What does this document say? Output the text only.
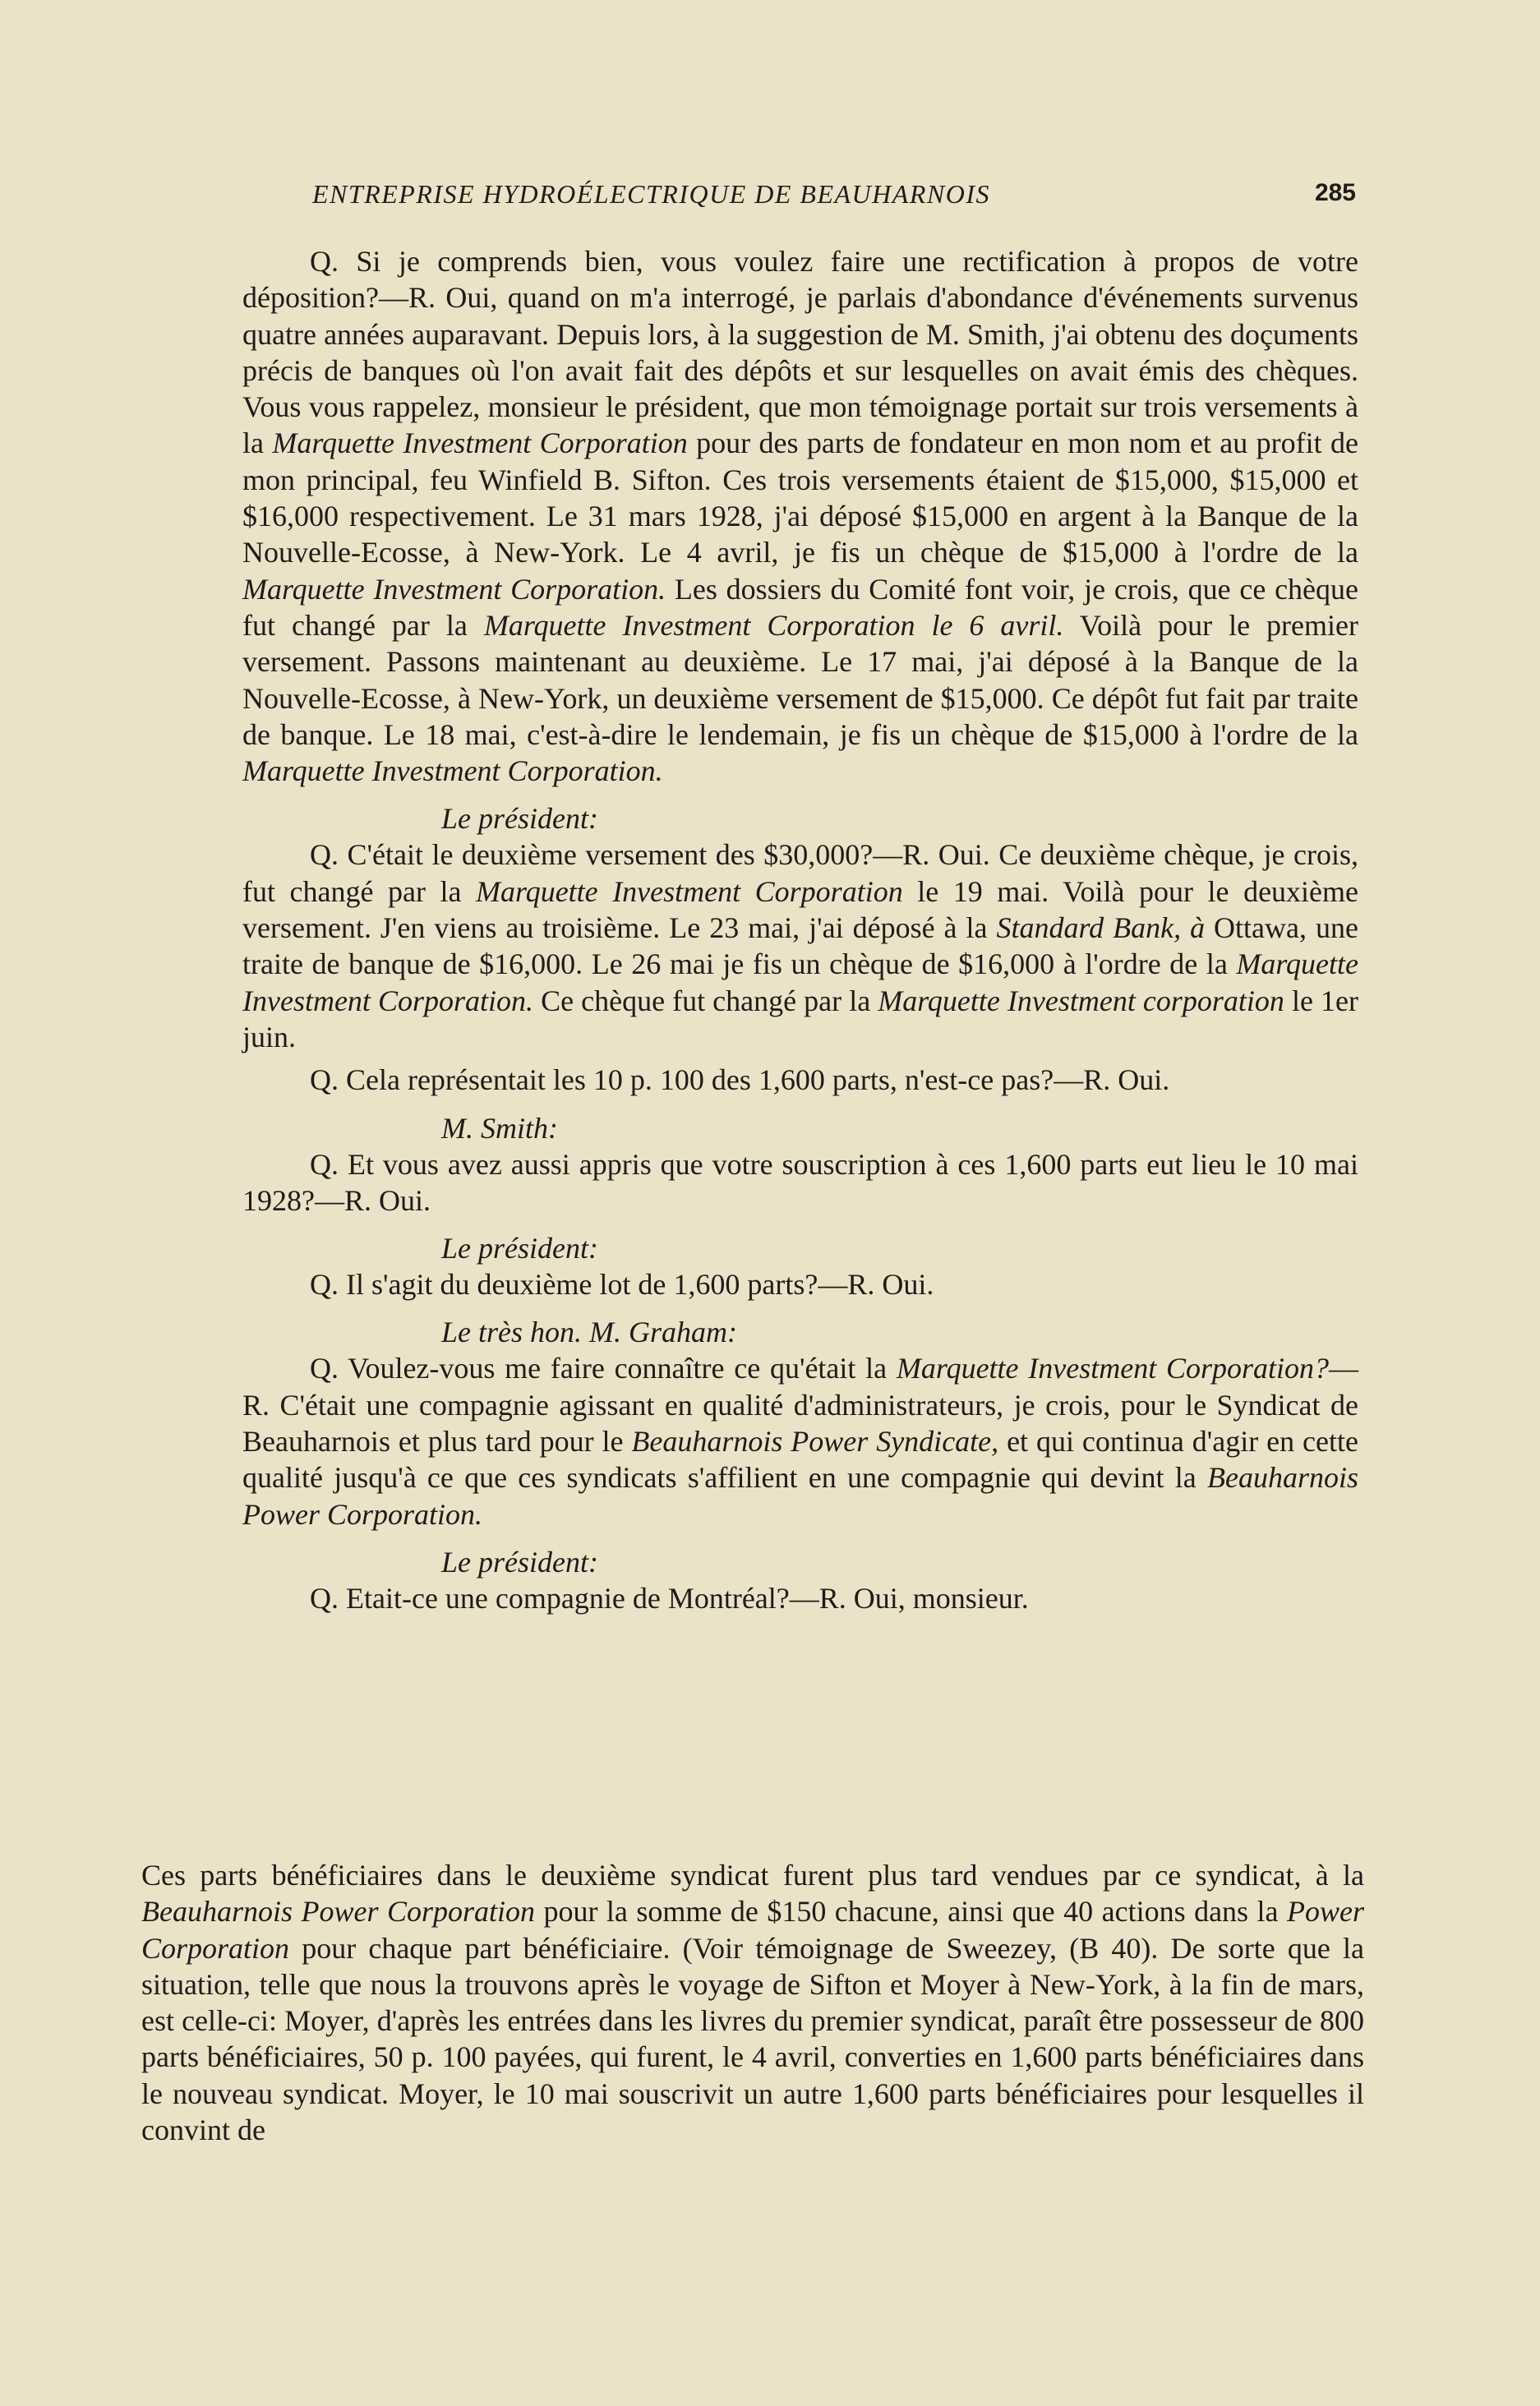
ENTREPRISE HYDROÉLECTRIQUE DE BEAUHARNOIS	285

Q. Si je comprends bien, vous voulez faire une rectification à propos de votre déposition?—R. Oui, quand on m'a interrogé, je parlais d'abondance d'événements survenus quatre années auparavant. Depuis lors, à la suggestion de M. Smith, j'ai obtenu des doçuments précis de banques où l'on avait fait des dépôts et sur lesquelles on avait émis des chèques. Vous vous rappelez, monsieur le président, que mon témoignage portait sur trois versements à la Marquette Investment Corporation pour des parts de fondateur en mon nom et au profit de mon principal, feu Winfield B. Sifton. Ces trois versements étaient de $15,000, $15,000 et $16,000 respectivement. Le 31 mars 1928, j'ai déposé $15,000 en argent à la Banque de la Nouvelle-Ecosse, à New-York. Le 4 avril, je fis un chèque de $15,000 à l'ordre de la Marquette Investment Corporation. Les dossiers du Comité font voir, je crois, que ce chèque fut changé par la Marquette Investment Corporation le 6 avril. Voilà pour le premier versement. Passons maintenant au deuxième. Le 17 mai, j'ai déposé à la Banque de la Nouvelle-Ecosse, à New-York, un deuxième versement de $15,000. Ce dépôt fut fait par traite de banque. Le 18 mai, c'est-à-dire le lendemain, je fis un chèque de $15,000 à l'ordre de la Marquette Investment Corporation.

Le président:

Q. C'était le deuxième versement des $30,000?—R. Oui. Ce deuxième chèque, je crois, fut changé par la Marquette Investment Corporation le 19 mai. Voilà pour le deuxième versement. J'en viens au troisième. Le 23 mai, j'ai déposé à la Standard Bank, à Ottawa, une traite de banque de $16,000. Le 26 mai je fis un chèque de $16,000 à l'ordre de la Marquette Investment Corporation. Ce chèque fut changé par la Marquette Investment corporation le 1er juin.

Q. Cela représentait les 10 p. 100 des 1,600 parts, n'est-ce pas?—R. Oui.

M. Smith:

Q. Et vous avez aussi appris que votre souscription à ces 1,600 parts eut lieu le 10 mai 1928?—R. Oui.

Le président:

Q. Il s'agit du deuxième lot de 1,600 parts?—R. Oui.

Le très hon. M. Graham:

Q. Voulez-vous me faire connaître ce qu'était la Marquette Investment Corporation?—R. C'était une compagnie agissant en qualité d'administrateurs, je crois, pour le Syndicat de Beauharnois et plus tard pour le Beauharnois Power Syndicate, et qui continua d'agir en cette qualité jusqu'à ce que ces syndicats s'affilient en une compagnie qui devint la Beauharnois Power Corporation.

Le président:

Q. Etait-ce une compagnie de Montréal?—R. Oui, monsieur.

Ces parts bénéficiaires dans le deuxième syndicat furent plus tard vendues par ce syndicat, à la Beauharnois Power Corporation pour la somme de $150 chacune, ainsi que 40 actions dans la Power Corporation pour chaque part bénéficiaire. (Voir témoignage de Sweezey, (B 40). De sorte que la situation, telle que nous la trouvons après le voyage de Sifton et Moyer à New-York, à la fin de mars, est celle-ci: Moyer, d'après les entrées dans les livres du premier syndicat, paraît être possesseur de 800 parts bénéficiaires, 50 p. 100 payées, qui furent, le 4 avril, converties en 1,600 parts bénéficiaires dans le nouveau syndicat. Moyer, le 10 mai souscrivit un autre 1,600 parts bénéficiaires pour lesquelles il convint de
